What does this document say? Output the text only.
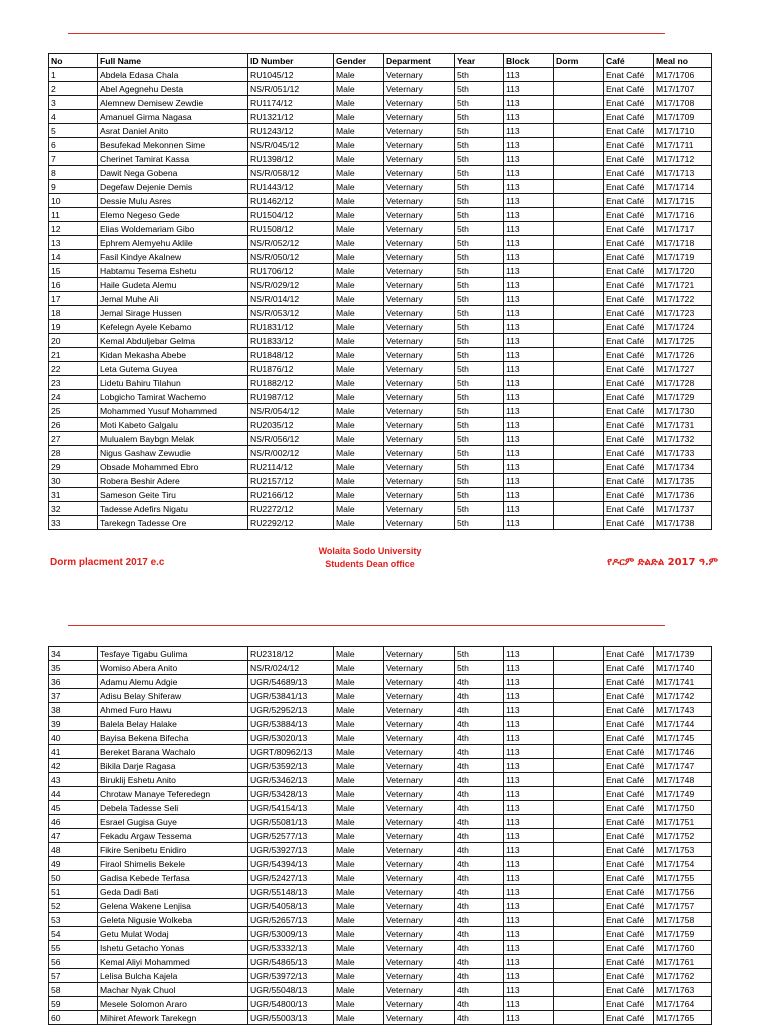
No	Full Name	ID Number	Gender	Deparment	Year	Block	Dorm	Café	Meal no
1	Abdela Edasa Chala	RU1045/12	Male	Veternary	5th	113		Enat Café	M17/1706
2	Abel Agegnehu Desta	NS/R/051/12	Male	Veternary	5th	113		Enat Café	M17/1707
3	Alemnew Demisew Zewdie	RU1174/12	Male	Veternary	5th	113		Enat Café	M17/1708
4	Amanuel Girma Nagasa	RU1321/12	Male	Veternary	5th	113		Enat Café	M17/1709
5	Asrat Daniel Anito	RU1243/12	Male	Veternary	5th	113		Enat Café	M17/1710
6	Besufekad Mekonnen Sime	NS/R/045/12	Male	Veternary	5th	113		Enat Café	M17/1711
7	Cherinet Tamirat Kassa	RU1398/12	Male	Veternary	5th	113		Enat Café	M17/1712
8	Dawit Nega Gobena	NS/R/058/12	Male	Veternary	5th	113		Enat Café	M17/1713
9	Degefaw Dejenie Demis	RU1443/12	Male	Veternary	5th	113		Enat Café	M17/1714
10	Dessie Mulu Asres	RU1462/12	Male	Veternary	5th	113		Enat Café	M17/1715
11	Elemo Negeso Gede	RU1504/12	Male	Veternary	5th	113		Enat Café	M17/1716
12	Elias Woldemariam Gibo	RU1508/12	Male	Veternary	5th	113		Enat Café	M17/1717
13	Ephrem Alemyehu Aklile	NS/R/052/12	Male	Veternary	5th	113		Enat Café	M17/1718
14	Fasil Kindye Akalnew	NS/R/050/12	Male	Veternary	5th	113		Enat Café	M17/1719
15	Habtamu Tesema Eshetu	RU1706/12	Male	Veternary	5th	113		Enat Café	M17/1720
16	Haile Gudeta Alemu	NS/R/029/12	Male	Veternary	5th	113		Enat Café	M17/1721
17	Jemal Muhe Ali	NS/R/014/12	Male	Veternary	5th	113		Enat Café	M17/1722
18	Jemal Sirage Hussen	NS/R/053/12	Male	Veternary	5th	113		Enat Café	M17/1723
19	Kefelegn Ayele Kebamo	RU1831/12	Male	Veternary	5th	113		Enat Café	M17/1724
20	Kemal Abduljebar Gelma	RU1833/12	Male	Veternary	5th	113		Enat Café	M17/1725
21	Kidan Mekasha Abebe	RU1848/12	Male	Veternary	5th	113		Enat Café	M17/1726
22	Leta Gutema Guyea	RU1876/12	Male	Veternary	5th	113		Enat Café	M17/1727
23	Lidetu Bahiru Tilahun	RU1882/12	Male	Veternary	5th	113		Enat Café	M17/1728
24	Lobgicho Tamirat Wachemo	RU1987/12	Male	Veternary	5th	113		Enat Café	M17/1729
25	Mohammed Yusuf Mohammed	NS/R/054/12	Male	Veternary	5th	113		Enat Café	M17/1730
26	Moti Kabeto Galgalu	RU2035/12	Male	Veternary	5th	113		Enat Café	M17/1731
27	Mulualem Baybgn Melak	NS/R/056/12	Male	Veternary	5th	113		Enat Café	M17/1732
28	Nigus Gashaw Zewudie	NS/R/002/12	Male	Veternary	5th	113		Enat Café	M17/1733
29	Obsade Mohammed Ebro	RU2114/12	Male	Veternary	5th	113		Enat Café	M17/1734
30	Robera Beshir Adere	RU2157/12	Male	Veternary	5th	113		Enat Café	M17/1735
31	Sameson Geite Tiru	RU2166/12	Male	Veternary	5th	113		Enat Café	M17/1736
32	Tadesse Adefirs Nigatu	RU2272/12	Male	Veternary	5th	113		Enat Café	M17/1737
33	Tarekegn Tadesse Ore	RU2292/12	Male	Veternary	5th	113		Enat Café	M17/1738
Dorm placment 2017 e.c
Wolaita Sodo University
Students Dean office	የዶርም ድልድል 2017 ዓ.ም
34	Tesfaye Tigabu Gulima	RU2318/12	Male	Veternary	5th	113		Enat Café	M17/1739
35	Womiso Abera Anito	NS/R/024/12	Male	Veternary	5th	113		Enat Café	M17/1740
36	Adamu Alemu Adgie	UGR/54689/13	Male	Veternary	4th	113		Enat Café	M17/1741
37	Adisu Belay Shiferaw	UGR/53841/13	Male	Veternary	4th	113		Enat Café	M17/1742
38	Ahmed Furo Hawu	UGR/52952/13	Male	Veternary	4th	113		Enat Café	M17/1743
39	Balela Belay Halake	UGR/53884/13	Male	Veternary	4th	113		Enat Café	M17/1744
40	Bayisa Bekena Bifecha	UGR/53020/13	Male	Veternary	4th	113		Enat Café	M17/1745
41	Bereket Barana Wachalo	UGRT/80962/13	Male	Veternary	4th	113		Enat Café	M17/1746
42	Bikila Darje Ragasa	UGR/53592/13	Male	Veternary	4th	113		Enat Café	M17/1747
43	Biruklij Eshetu Anito	UGR/53462/13	Male	Veternary	4th	113		Enat Café	M17/1748
44	Chrotaw Manaye Teferedegn	UGR/53428/13	Male	Veternary	4th	113		Enat Café	M17/1749
45	Debela Tadesse Seli	UGR/54154/13	Male	Veternary	4th	113		Enat Café	M17/1750
46	Esrael Gugisa Guye	UGR/55081/13	Male	Veternary	4th	113		Enat Café	M17/1751
47	Fekadu Argaw Tessema	UGR/52577/13	Male	Veternary	4th	113		Enat Café	M17/1752
48	Fikire Senibetu Enidiro	UGR/53927/13	Male	Veternary	4th	113		Enat Café	M17/1753
49	Firaol Shimelis Bekele	UGR/54394/13	Male	Veternary	4th	113		Enat Café	M17/1754
50	Gadisa Kebede Terfasa	UGR/52427/13	Male	Veternary	4th	113		Enat Café	M17/1755
51	Geda Dadi Bati	UGR/55148/13	Male	Veternary	4th	113		Enat Café	M17/1756
52	Gelena Wakene Lenjisa	UGR/54058/13	Male	Veternary	4th	113		Enat Café	M17/1757
53	Geleta Nigusie Wolkeba	UGR/52657/13	Male	Veternary	4th	113		Enat Café	M17/1758
54	Getu Mulat Wodaj	UGR/53009/13	Male	Veternary	4th	113		Enat Café	M17/1759
55	Ishetu Getacho Yonas	UGR/53332/13	Male	Veternary	4th	113		Enat Café	M17/1760
56	Kemal Aliyi Mohammed	UGR/54865/13	Male	Veternary	4th	113		Enat Café	M17/1761
57	Lelisa Bulcha Kajela	UGR/53972/13	Male	Veternary	4th	113		Enat Café	M17/1762
58	Machar Nyak Chuol	UGR/55048/13	Male	Veternary	4th	113		Enat Café	M17/1763
59	Mesele Solomon Araro	UGR/54800/13	Male	Veternary	4th	113		Enat Café	M17/1764
60	Mihiret Afework Tarekegn	UGR/55003/13	Male	Veternary	4th	113		Enat Café	M17/1765
